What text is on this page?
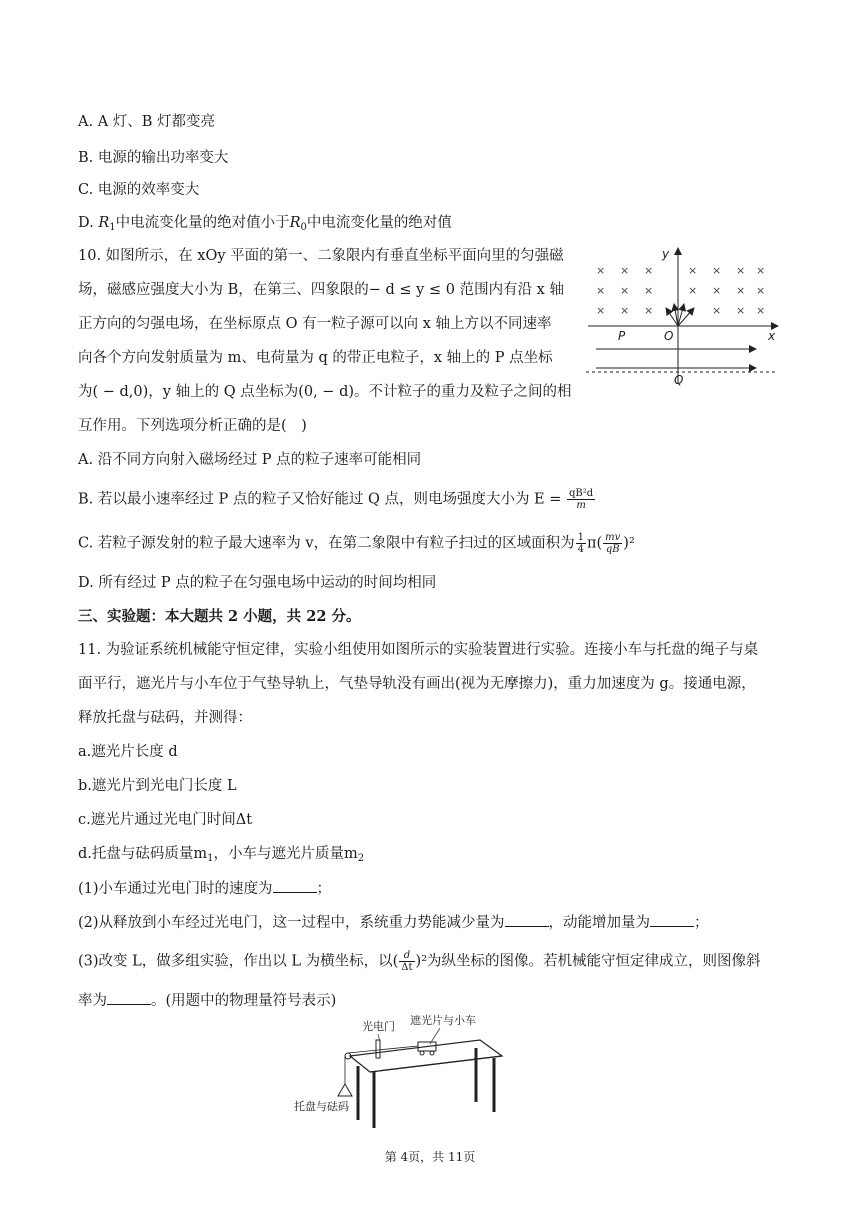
A. A 灯、B 灯都变亮
B. 电源的输出功率变大
C. 电源的效率变大
D. $R_1$中电流变化量的绝对值小于$R_0$中电流变化量的绝对值
10. 如图所示，在 xOy 平面的第一、二象限内有垂直坐标平面向里的匀强磁
场，磁感应强度大小为 B，在第三、四象限的− d ≤ y ≤ 0 范围内有沿 x 轴
正方向的匀强电场，在坐标原点 O 有一粒子源可以向 x 轴上方以不同速率
向各个方向发射质量为 m、电荷量为 q 的带正电粒子，x 轴上的 P 点坐标
为( − d,0)，y 轴上的 Q 点坐标为(0, − d)。不计粒子的重力及粒子之间的相
互作用。下列选项分析正确的是(　)
y
x
O
P
Q
× × ×	× × × ×
× × ×	× × × ×
× × ×	× × ×
A. 沿不同方向射入磁场经过 P 点的粒子速率可能相同
B. 若以最小速率经过 P 点的粒子又恰好能过 Q 点，则电场强度大小为 $E = \frac{\text{qB²d}}{m}$
C. 若粒子源发射的粒子最大速率为 v，在第二象限中有粒子扫过的区域面积为 $\frac{1}{4} \pi( \frac{mv}{qB} )^2$
D. 所有经过 P 点的粒子在匀强电场中运动的时间均相同
三、实验题：本大题共 2 小题，共 22 分。
11. 为验证系统机械能守恒定律，实验小组使用如图所示的实验装置进行实验。连接小车与托盘的绳子与桌
面平行，遮光片与小车位于气垫导轨上，气垫导轨没有画出(视为无摩擦力)，重力加速度为 g。接通电源，
释放托盘与砝码，并测得：
a.遮光片长度 d
b.遮光片到光电门长度 L
c.遮光片通过光电门时间Δt
d.托盘与砝码质量$m_1$，小车与遮光片质量$m_2$
(1)小车通过光电门时的速度为	；
(2)从释放到小车经过光电门，这一过程中，系统重力势能减少量为	，动能增加量为	；
(3)改变 L，做多组实验，作出以 L 为横坐标，以( $\frac{d}{\Delta t} )^2$为纵坐标的图像。若机械能守恒定律成立，则图像斜
率为	。(用题中的物理量符号表示)
光电门 遮光片与小车
托盘与砝码
第 4页，共 11页
